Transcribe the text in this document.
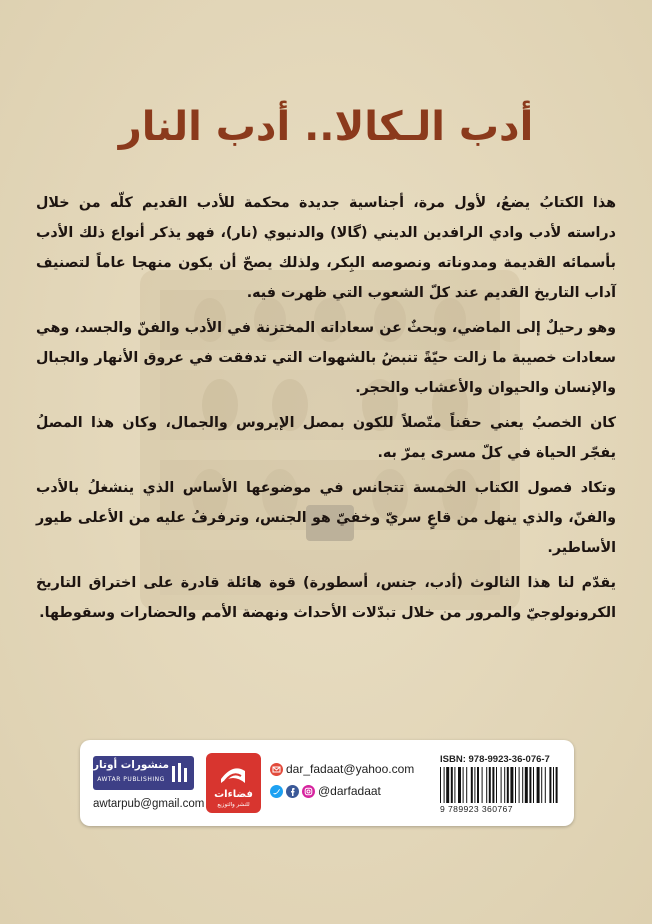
أدب الـكالا.. أدب النار

هذا الكتابُ يضعُ، لأول مرة، أجناسية جديدة محكمة للأدب القديم كلّه من خلال دراسته لأدب وادي الرافدين الديني (گالا) والدنيوي (نار)، فهو يذكر أنواع ذلك الأدب بأسمائه القديمة ومدوناته ونصوصه البِكر، ولذلك يصحّ أن يكون منهجا عاماً لتصنيف آداب التاريخ القديم عند كلّ الشعوب التي ظهرت فيه.

وهو رحيلٌ إلى الماضي، وبحثٌ عن سعاداته المختزنة في الأدب والفنّ والجسد، وهي سعادات خصيبة ما زالت حيّةً تنبضُ بالشهوات التي تدفقت في عروق الأنهار والجبال والإنسان والحيوان والأعشاب والحجر.

كان الخصبُ يعني حقناً متّصلاً للكون بمصل الإيروس والجمال، وكان هذا المصلُ يفجّر الحياة في كلّ مسرى يمرّ به.

وتكاد فصول الكتاب الخمسة تتجانس في موضوعها الأساس الذي ينشغلُ بالأدب والفنّ، والذي ينهل من قاعٍ سريّ وخفيّ هو الجنس، وترفرفُ عليه من الأعلى طيور الأساطير.

يقدّم لنا هذا الثالوث (أدب، جنس، أسطورة) قوة هائلة قادرة على اختراق التاريخ الكرونولوجيّ والمرور من خلال تبدّلات الأحداث ونهضة الأمم والحضارات وسقوطها.

منشورات أوتار
AWTAR PUBLISHING
awtarpub@gmail.com
فضاءات
للنشر والتوزيع
dar_fadaat@yahoo.com
@darfadaat
ISBN: 978-9923-36-076-7
9 789923 360767
